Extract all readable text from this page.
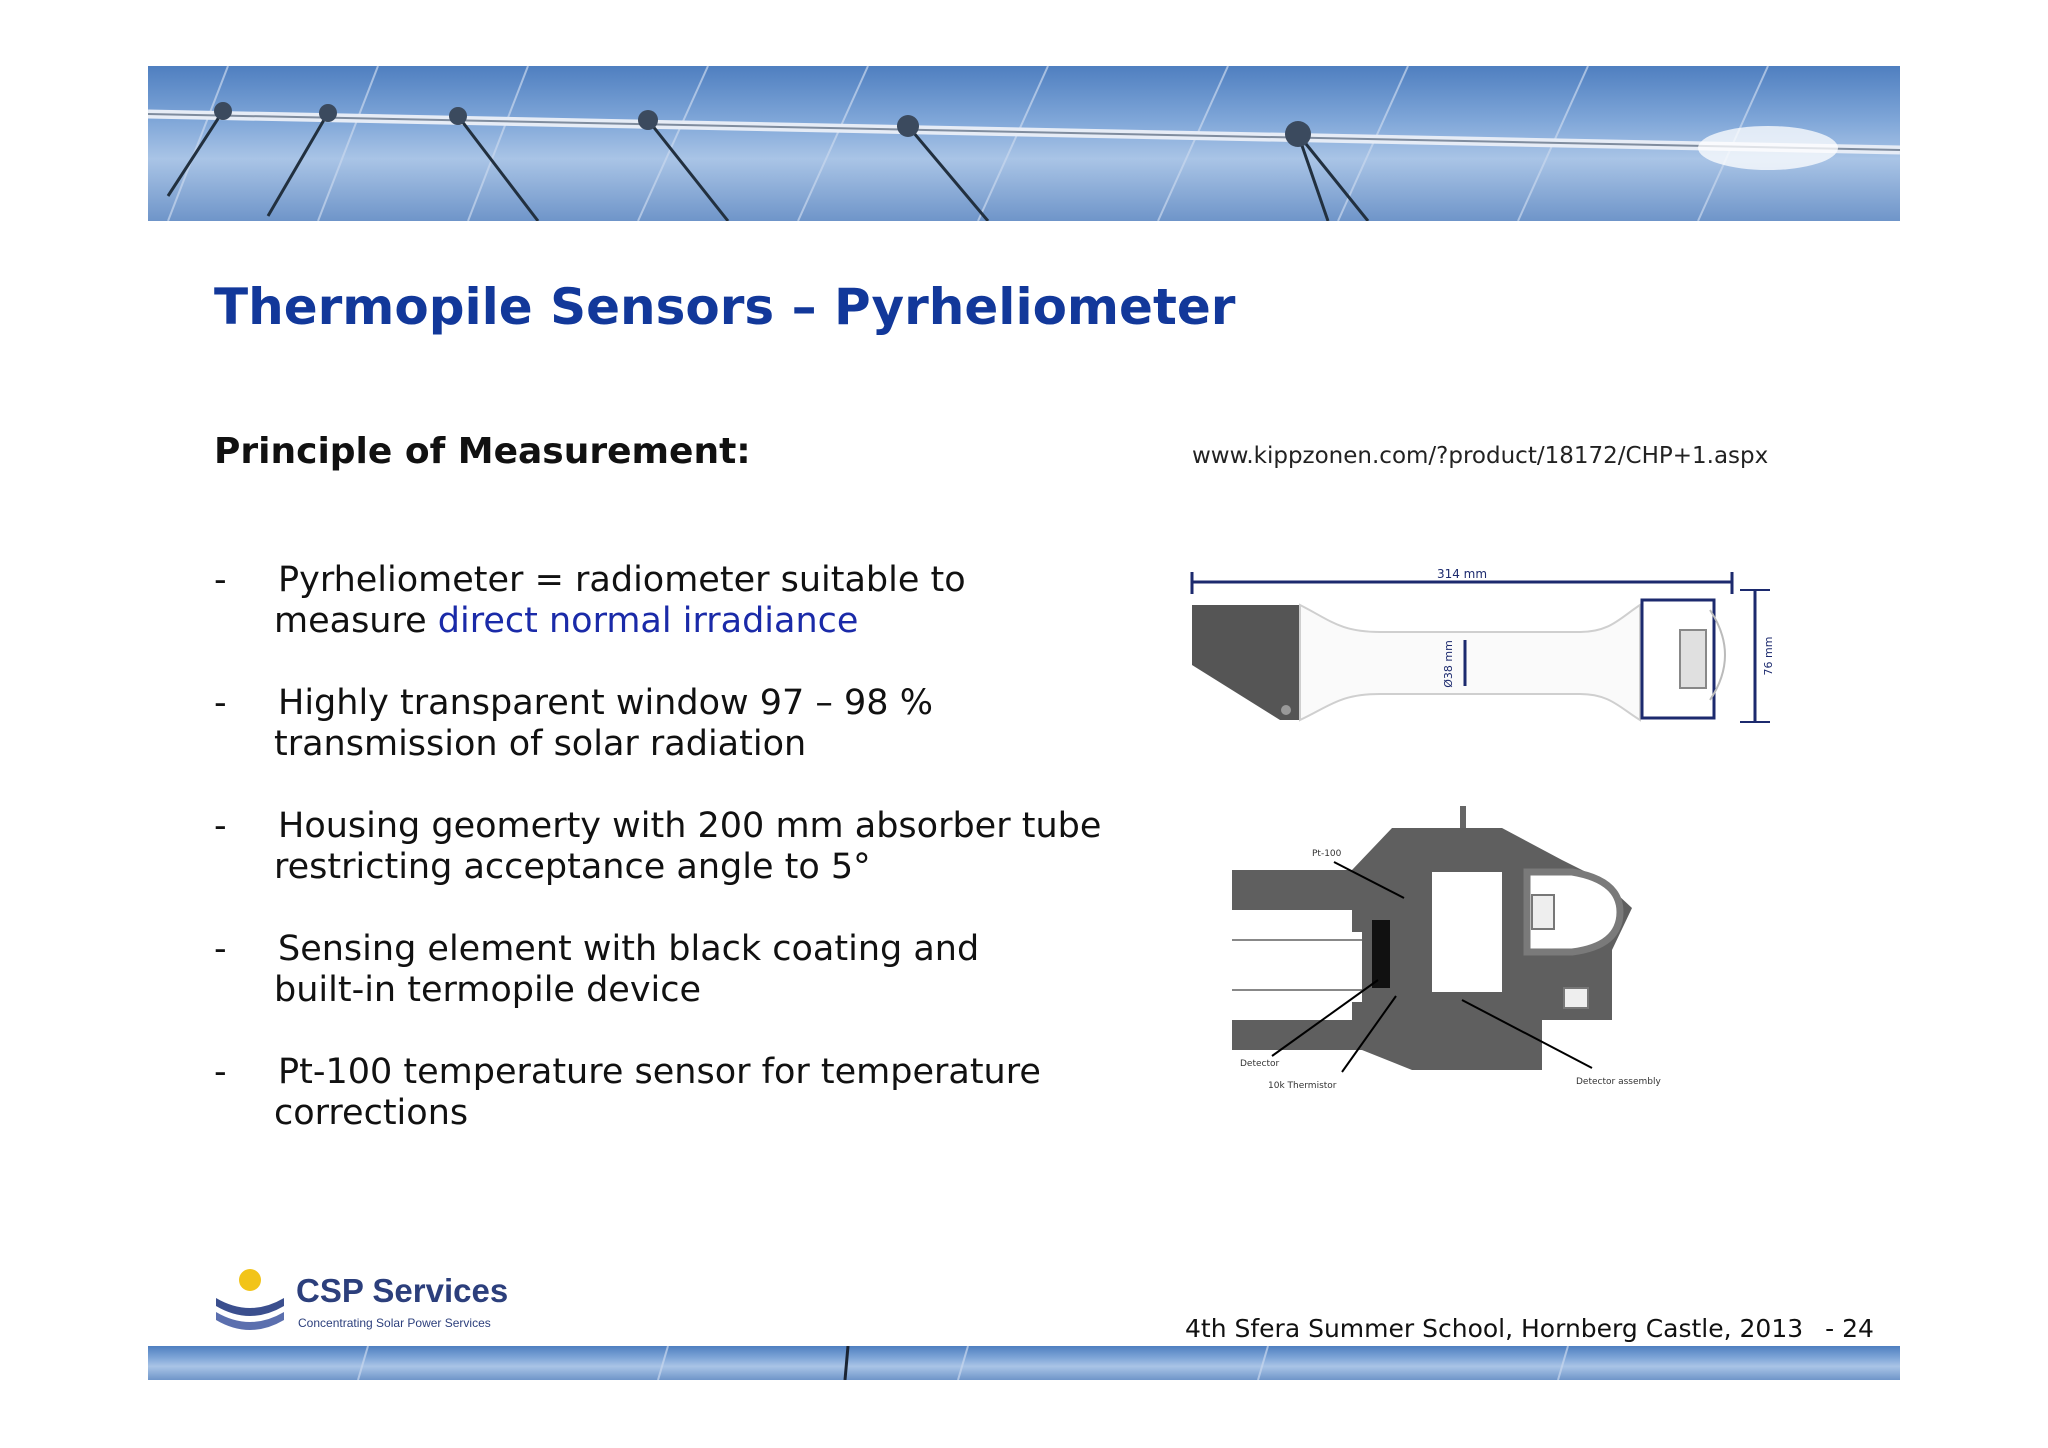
Thermopile Sensors – Pyrheliometer
Principle of Measurement:	www.kippzonen.com/?product/18172/CHP+1.aspx
- Pyrheliometer = radiometer suitable to
measure direct normal irradiance
- Highly transparent window 97 – 98 %
transmission of solar radiation
- Housing geomerty with 200 mm absorber tube
restricting acceptance angle to 5°
- Sensing element with black coating and
built-in termopile device
- Pt-100 temperature sensor for temperature
corrections
314 mm
Ø38 mm	76 mm
Pt-100
Detector
10k Thermistor	Detector assembly
CSP Services
Concentrating Solar Power Services	4th Sfera Summer School, Hornberg Castle, 2013 - 24
